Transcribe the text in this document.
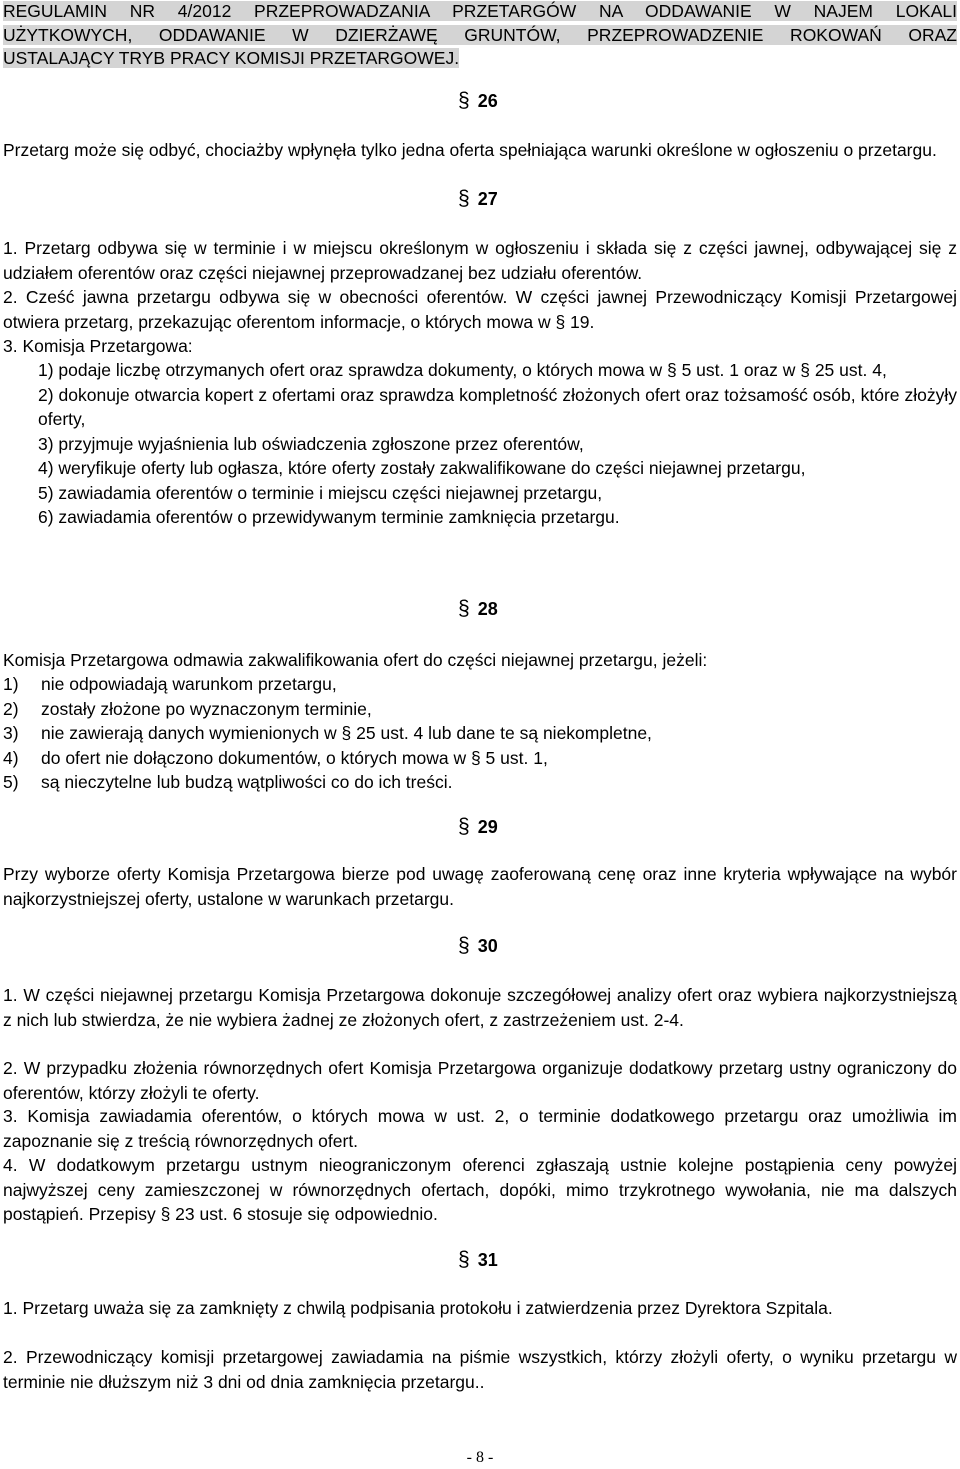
REGULAMIN NR 4/2012 PRZEPROWADZANIA PRZETARGÓW NA ODDAWANIE W NAJEM LOKALI
UŻYTKOWYCH, ODDAWANIE W DZIERŻAWĘ GRUNTÓW, PRZEPROWADZENIE ROKOWAŃ ORAZ
USTALAJĄCY TRYB PRACY KOMISJI PRZETARGOWEJ.
§ 26
Przetarg może się odbyć, chociażby wpłynęła tylko jedna oferta spełniająca warunki określone w ogłoszeniu o przetargu.
§ 27
1. Przetarg odbywa się w terminie i w miejscu określonym w ogłoszeniu i składa się z części jawnej, odbywającej się z udziałem oferentów oraz części niejawnej przeprowadzanej bez udziału oferentów.
2. Cześć jawna przetargu odbywa się w obecności oferentów. W części jawnej Przewodniczący Komisji Przetargowej otwiera przetarg, przekazując oferentom informacje, o których mowa w § 19.
3. Komisja Przetargowa:
1) podaje liczbę otrzymanych ofert oraz sprawdza dokumenty, o których mowa w § 5 ust. 1 oraz w § 25 ust. 4,
2) dokonuje otwarcia kopert z ofertami oraz sprawdza kompletność złożonych ofert oraz tożsamość osób, które złożyły oferty,
3) przyjmuje wyjaśnienia lub oświadczenia zgłoszone przez oferentów,
4) weryfikuje oferty lub ogłasza, które oferty zostały zakwalifikowane do części niejawnej przetargu,
5) zawiadamia oferentów o terminie i miejscu części niejawnej przetargu,
6) zawiadamia oferentów o przewidywanym terminie zamknięcia przetargu.
§ 28
Komisja Przetargowa odmawia zakwalifikowania ofert do części niejawnej przetargu, jeżeli:
1) nie odpowiadają warunkom przetargu,
2) zostały złożone po wyznaczonym terminie,
3) nie zawierają danych wymienionych w § 25 ust. 4 lub dane te są niekompletne,
4) do ofert nie dołączono dokumentów, o których mowa w § 5 ust. 1,
5) są nieczytelne lub budzą wątpliwości co do ich treści.
§ 29
Przy wyborze oferty Komisja Przetargowa bierze pod uwagę zaoferowaną cenę oraz inne kryteria wpływające na wybór najkorzystniejszej oferty, ustalone w warunkach przetargu.
§ 30
1. W części niejawnej przetargu Komisja Przetargowa dokonuje szczegółowej analizy ofert oraz wybiera najkorzystniejszą z nich lub stwierdza, że nie wybiera żadnej ze złożonych ofert, z zastrzeżeniem ust. 2-4.
2. W przypadku złożenia równorzędnych ofert Komisja Przetargowa organizuje dodatkowy przetarg ustny ograniczony do oferentów, którzy złożyli te oferty.
3. Komisja zawiadamia oferentów, o których mowa w ust. 2, o terminie dodatkowego przetargu oraz umożliwia im zapoznanie się z treścią równorzędnych ofert.
4. W dodatkowym przetargu ustnym nieograniczonym oferenci zgłaszają ustnie kolejne postąpienia ceny powyżej najwyższej ceny zamieszczonej w równorzędnych ofertach, dopóki, mimo trzykrotnego wywołania, nie ma dalszych postąpień. Przepisy § 23 ust. 6 stosuje się odpowiednio.
§ 31
1. Przetarg uważa się za zamknięty z chwilą podpisania protokołu i zatwierdzenia przez Dyrektora Szpitala.
2. Przewodniczący komisji przetargowej zawiadamia na piśmie wszystkich, którzy złożyli oferty, o wyniku przetargu w terminie nie dłuższym niż 3 dni od dnia zamknięcia przetargu..
- 8 -
